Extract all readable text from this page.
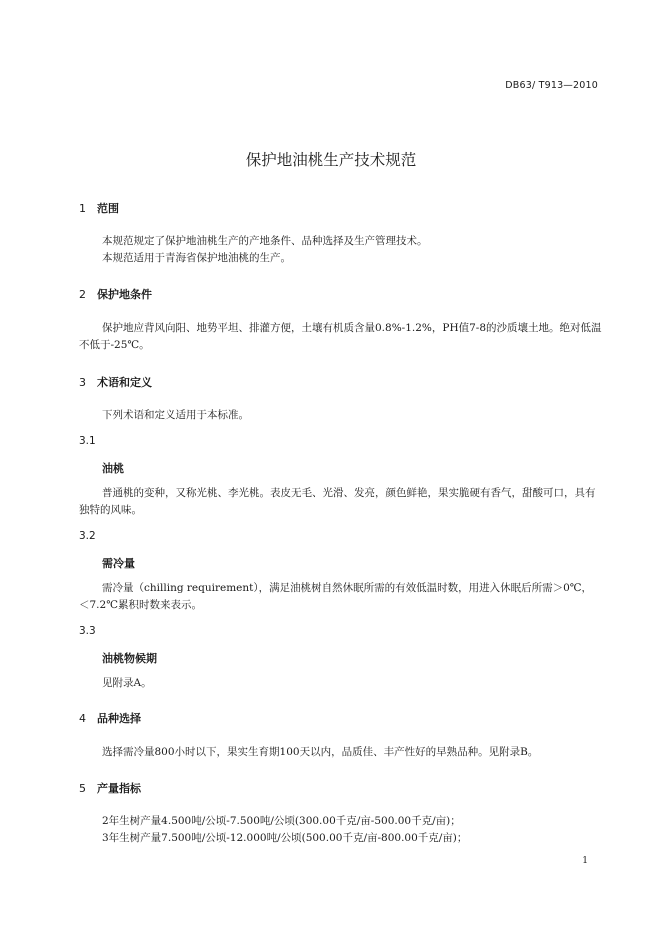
DB63/ T913—2010
保护地油桃生产技术规范
1 范围
本规范规定了保护地油桃生产的产地条件、品种选择及生产管理技术。
本规范适用于青海省保护地油桃的生产。
2 保护地条件
保护地应背风向阳、地势平坦、排灌方便，土壤有机质含量0.8%-1.2%，PH值7-8的沙质壤土地。绝对低温不低于-25℃。
3 术语和定义
下列术语和定义适用于本标准。
3.1
油桃
普通桃的变种，又称光桃、李光桃。表皮无毛、光滑、发亮，颜色鲜艳，果实脆硬有香气，甜酸可口，具有独特的风味。
3.2
需冷量
需冷量（chilling requirement），满足油桃树自然休眠所需的有效低温时数，用进入休眠后所需＞0℃，＜7.2℃累积时数来表示。
3.3
油桃物候期
见附录A。
4 品种选择
选择需冷量800小时以下，果实生育期100天以内，品质佳、丰产性好的早熟品种。见附录B。
5 产量指标
2年生树产量4.500吨/公顷-7.500吨/公顷(300.00千克/亩-500.00千克/亩)；
3年生树产量7.500吨/公顷-12.000吨/公顷(500.00千克/亩-800.00千克/亩)；
1
